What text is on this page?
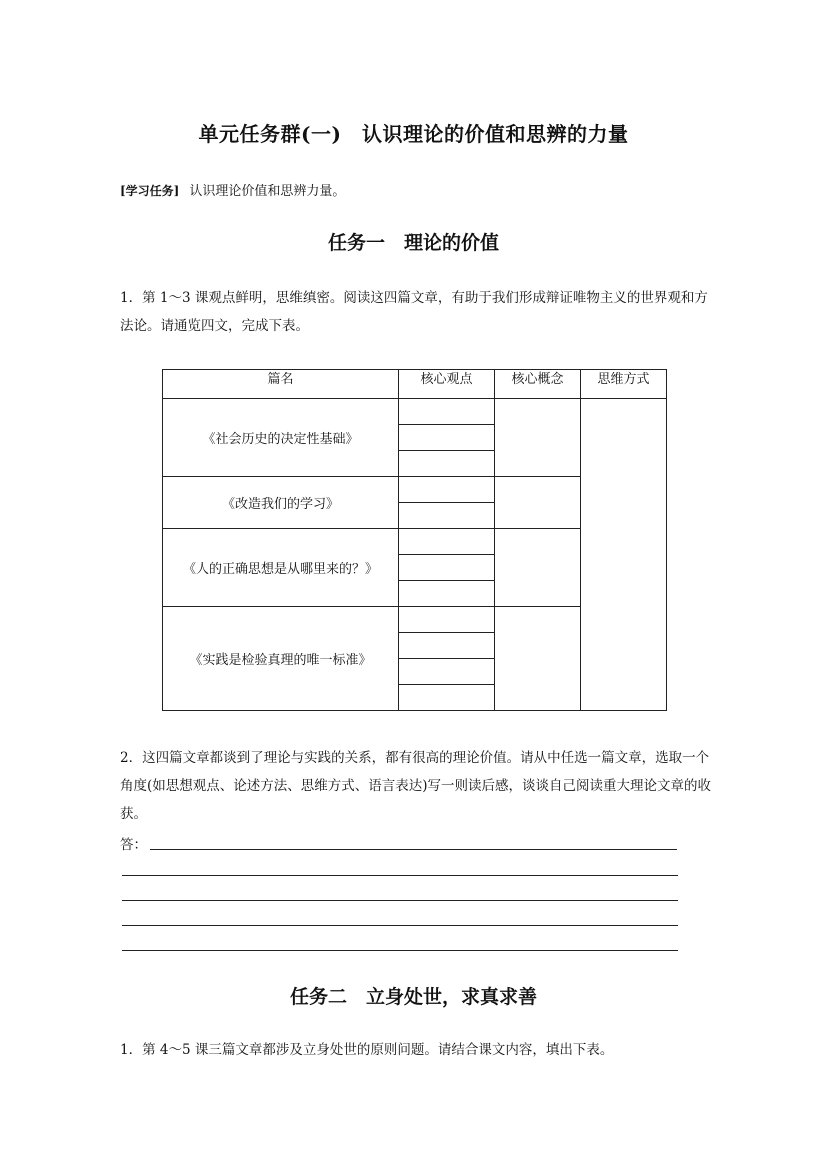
单元任务群(一)　认识理论的价值和思辨的力量
[学习任务] 认识理论价值和思辨力量。
任务一　理论的价值
1．第 1～3 课观点鲜明，思维缜密。阅读这四篇文章，有助于我们形成辩证唯物主义的世界观和方法论。请通览四文，完成下表。
篇名	核心观点	核心概念	思维方式
《社会历史的决定性基础》			

《改造我们的学习》			

《人的正确思想是从哪里来的？》			

《实践是检验真理的唯一标准》			

2．这四篇文章都谈到了理论与实践的关系，都有很高的理论价值。请从中任选一篇文章，选取一个角度(如思想观点、论述方法、思维方式、语言表达)写一则读后感，谈谈自己阅读重大理论文章的收获。
答：
任务二　立身处世，求真求善
1．第 4～5 课三篇文章都涉及立身处世的原则问题。请结合课文内容，填出下表。
